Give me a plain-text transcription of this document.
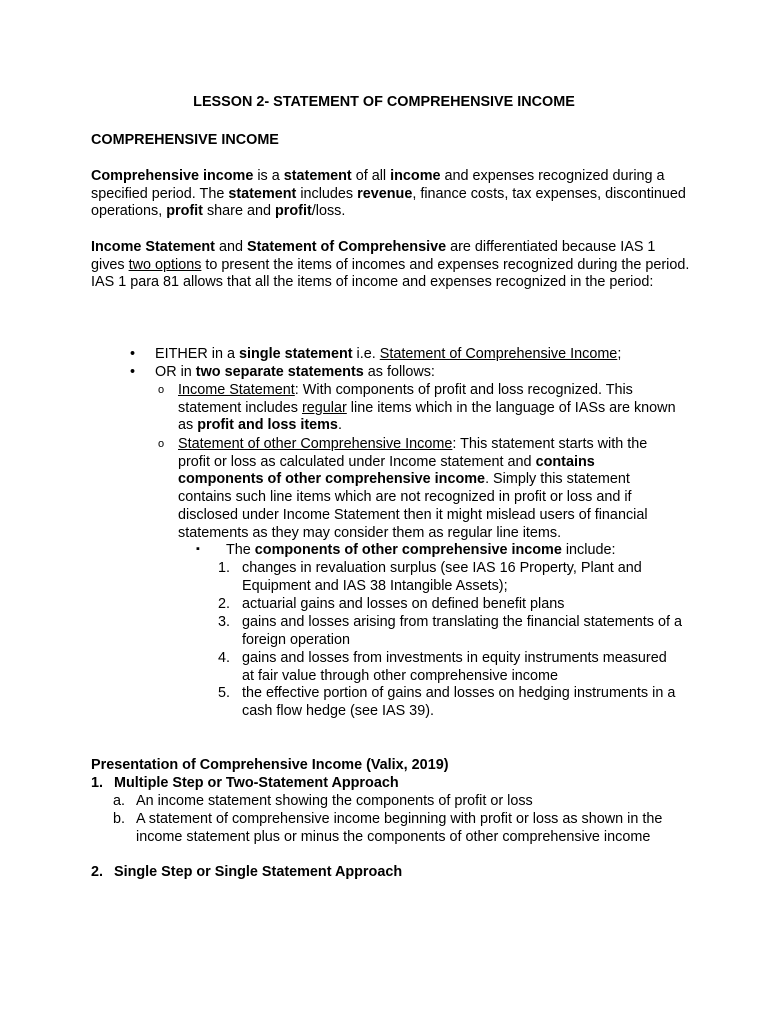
LESSON 2- STATEMENT OF COMPREHENSIVE INCOME
COMPREHENSIVE INCOME
Comprehensive income is a statement of all income and expenses recognized during a specified period. The statement includes revenue, finance costs, tax expenses, discontinued operations, profit share and profit/loss.
Income Statement and Statement of Comprehensive are differentiated because IAS 1 gives two options to present the items of incomes and expenses recognized during the period.
IAS 1 para 81 allows that all the items of income and expenses recognized in the period:
• EITHER in a single statement i.e. Statement of Comprehensive Income;
• OR in two separate statements as follows:
o Income Statement: With components of profit and loss recognized. This statement includes regular line items which in the language of IASs are known as profit and loss items.
o Statement of other Comprehensive Income: This statement starts with the profit or loss as calculated under Income statement and contains components of other comprehensive income. Simply this statement contains such line items which are not recognized in profit or loss and if disclosed under Income Statement then it might mislead users of financial statements as they may consider them as regular line items.
▪ The components of other comprehensive income include:
1. changes in revaluation surplus (see IAS 16 Property, Plant and Equipment and IAS 38 Intangible Assets);
2. actuarial gains and losses on defined benefit plans
3. gains and losses arising from translating the financial statements of a foreign operation
4. gains and losses from investments in equity instruments measured at fair value through other comprehensive income
5. the effective portion of gains and losses on hedging instruments in a cash flow hedge (see IAS 39).
Presentation of Comprehensive Income (Valix, 2019)
1. Multiple Step or Two-Statement Approach
a. An income statement showing the components of profit or loss
b. A statement of comprehensive income beginning with profit or loss as shown in the income statement plus or minus the components of other comprehensive income
2. Single Step or Single Statement Approach
